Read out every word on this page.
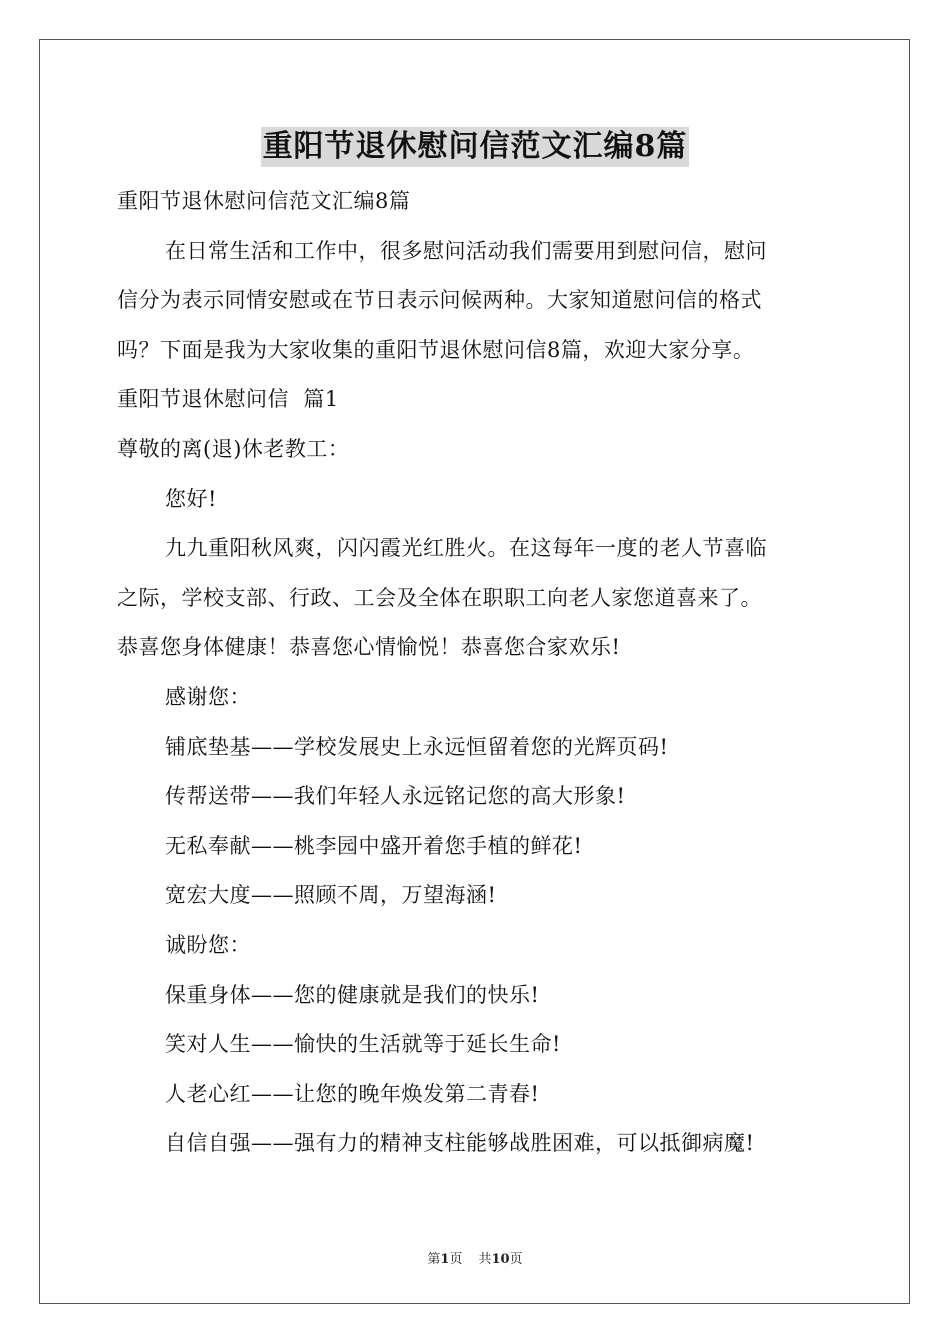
重阳节退休慰问信范文汇编8篇

重阳节退休慰问信范文汇编8篇

在日常生活和工作中，很多慰问活动我们需要用到慰问信，慰问

信分为表示同情安慰或在节日表示问候两种。大家知道慰问信的格式

吗？下面是我为大家收集的重阳节退休慰问信8篇，欢迎大家分享。

重阳节退休慰问信  篇1

尊敬的离(退)休老教工：

您好!

九九重阳秋风爽，闪闪霞光红胜火。在这每年一度的老人节喜临

之际，学校支部、行政、工会及全体在职职工向老人家您道喜来了。

恭喜您身体健康！恭喜您心情愉悦！恭喜您合家欢乐!

感谢您：

铺底垫基——学校发展史上永远恒留着您的光辉页码!

传帮送带——我们年轻人永远铭记您的高大形象!

无私奉献——桃李园中盛开着您手植的鲜花!

宽宏大度——照顾不周，万望海涵!

诚盼您：

保重身体——您的健康就是我们的快乐!

笑对人生——愉快的生活就等于延长生命!

人老心红——让您的晚年焕发第二青春!

自信自强——强有力的精神支柱能够战胜困难，可以抵御病魔!

第1页 共10页
